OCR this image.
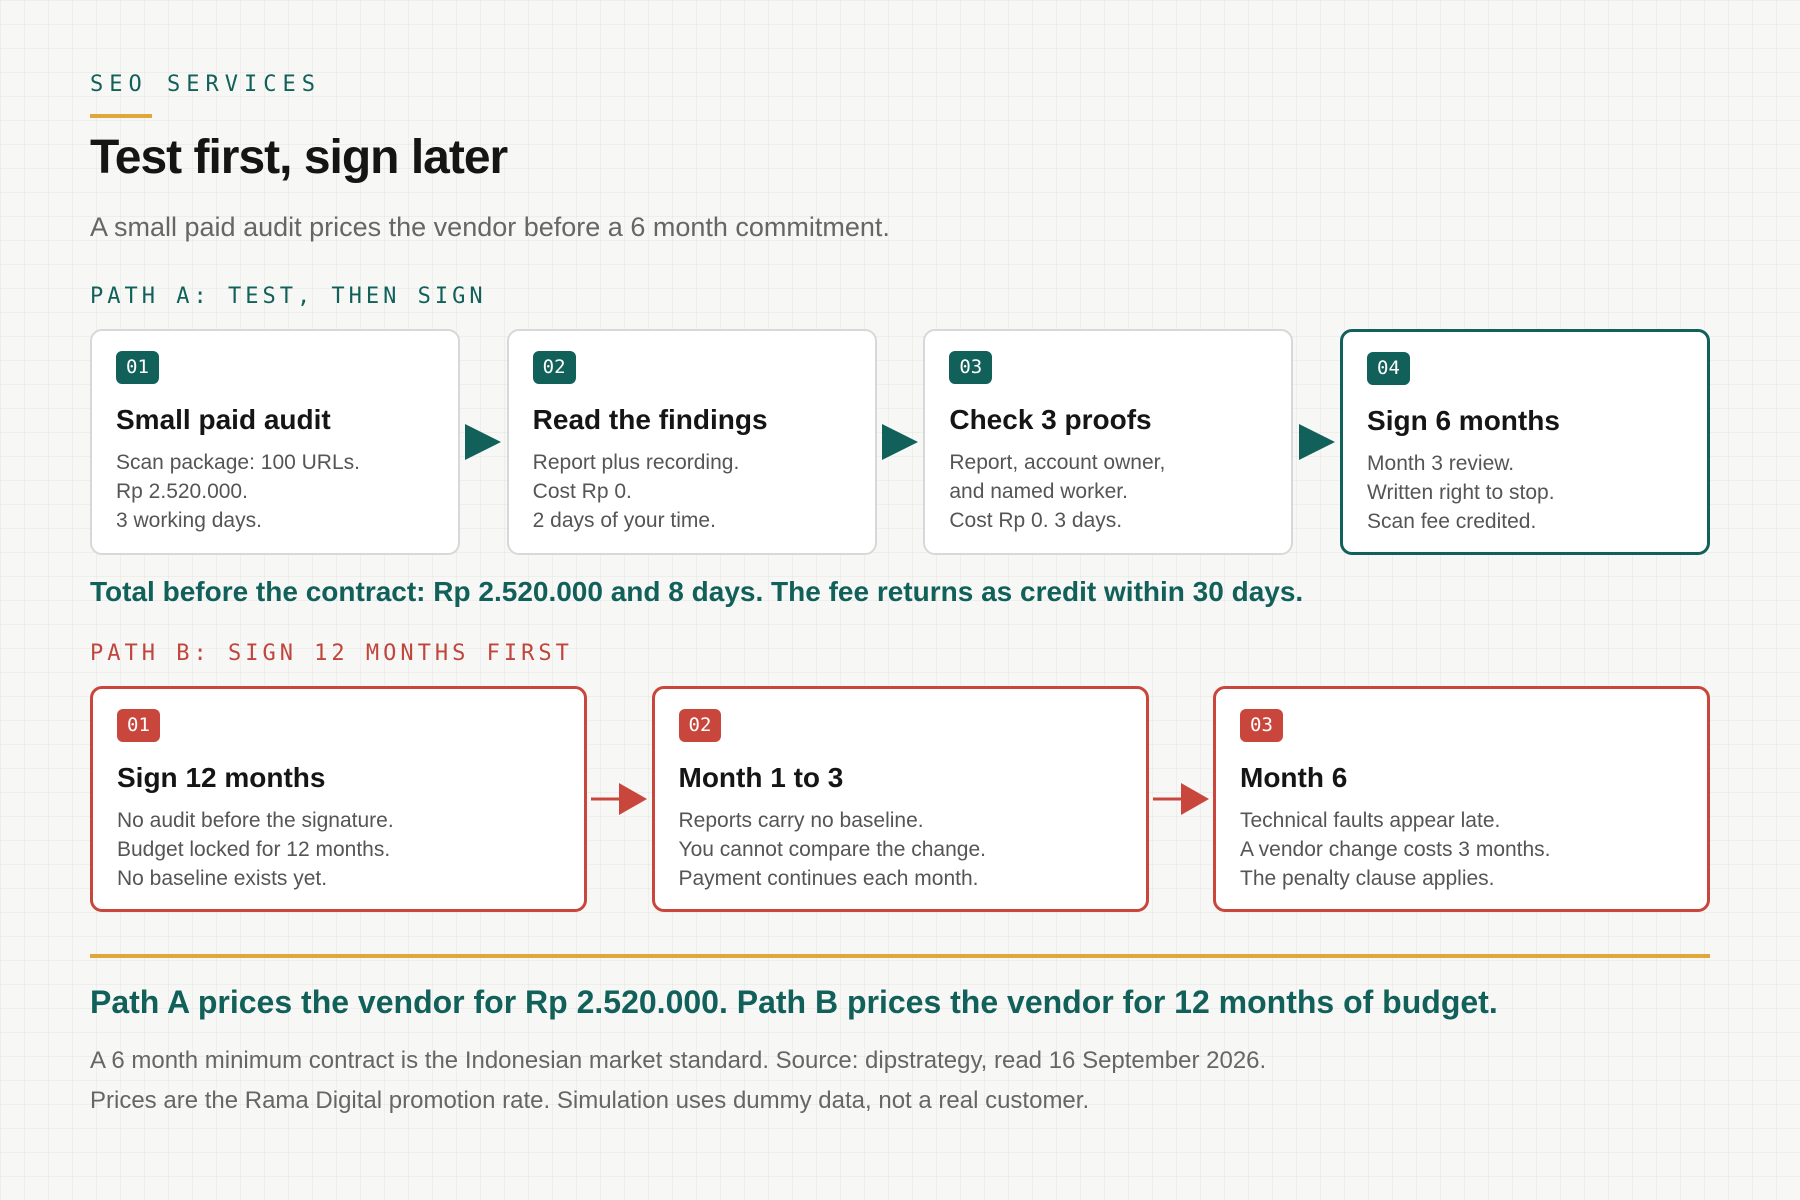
SEO SERVICES
Test first, sign later

A small paid audit prices the vendor before a 6 month commitment.

PATH A: TEST, THEN SIGN
01
Small paid audit
Scan package: 100 URLs.
Rp 2.520.000.
3 working days.
02
Read the findings
Report plus recording.
Cost Rp 0.
2 days of your time.
03
Check 3 proofs
Report, account owner,
and named worker.
Cost Rp 0. 3 days.
04
Sign 6 months
Month 3 review.
Written right to stop.
Scan fee credited.

Total before the contract: Rp 2.520.000 and 8 days. The fee returns as credit within 30 days.

PATH B: SIGN 12 MONTHS FIRST
01
Sign 12 months
No audit before the signature.
Budget locked for 12 months.
No baseline exists yet.
02
Month 1 to 3
Reports carry no baseline.
You cannot compare the change.
Payment continues each month.
03
Month 6
Technical faults appear late.
A vendor change costs 3 months.
The penalty clause applies.

Path A prices the vendor for Rp 2.520.000. Path B prices the vendor for 12 months of budget.

A 6 month minimum contract is the Indonesian market standard. Source: dipstrategy, read 16 September 2026.

Prices are the Rama Digital promotion rate. Simulation uses dummy data, not a real customer.
